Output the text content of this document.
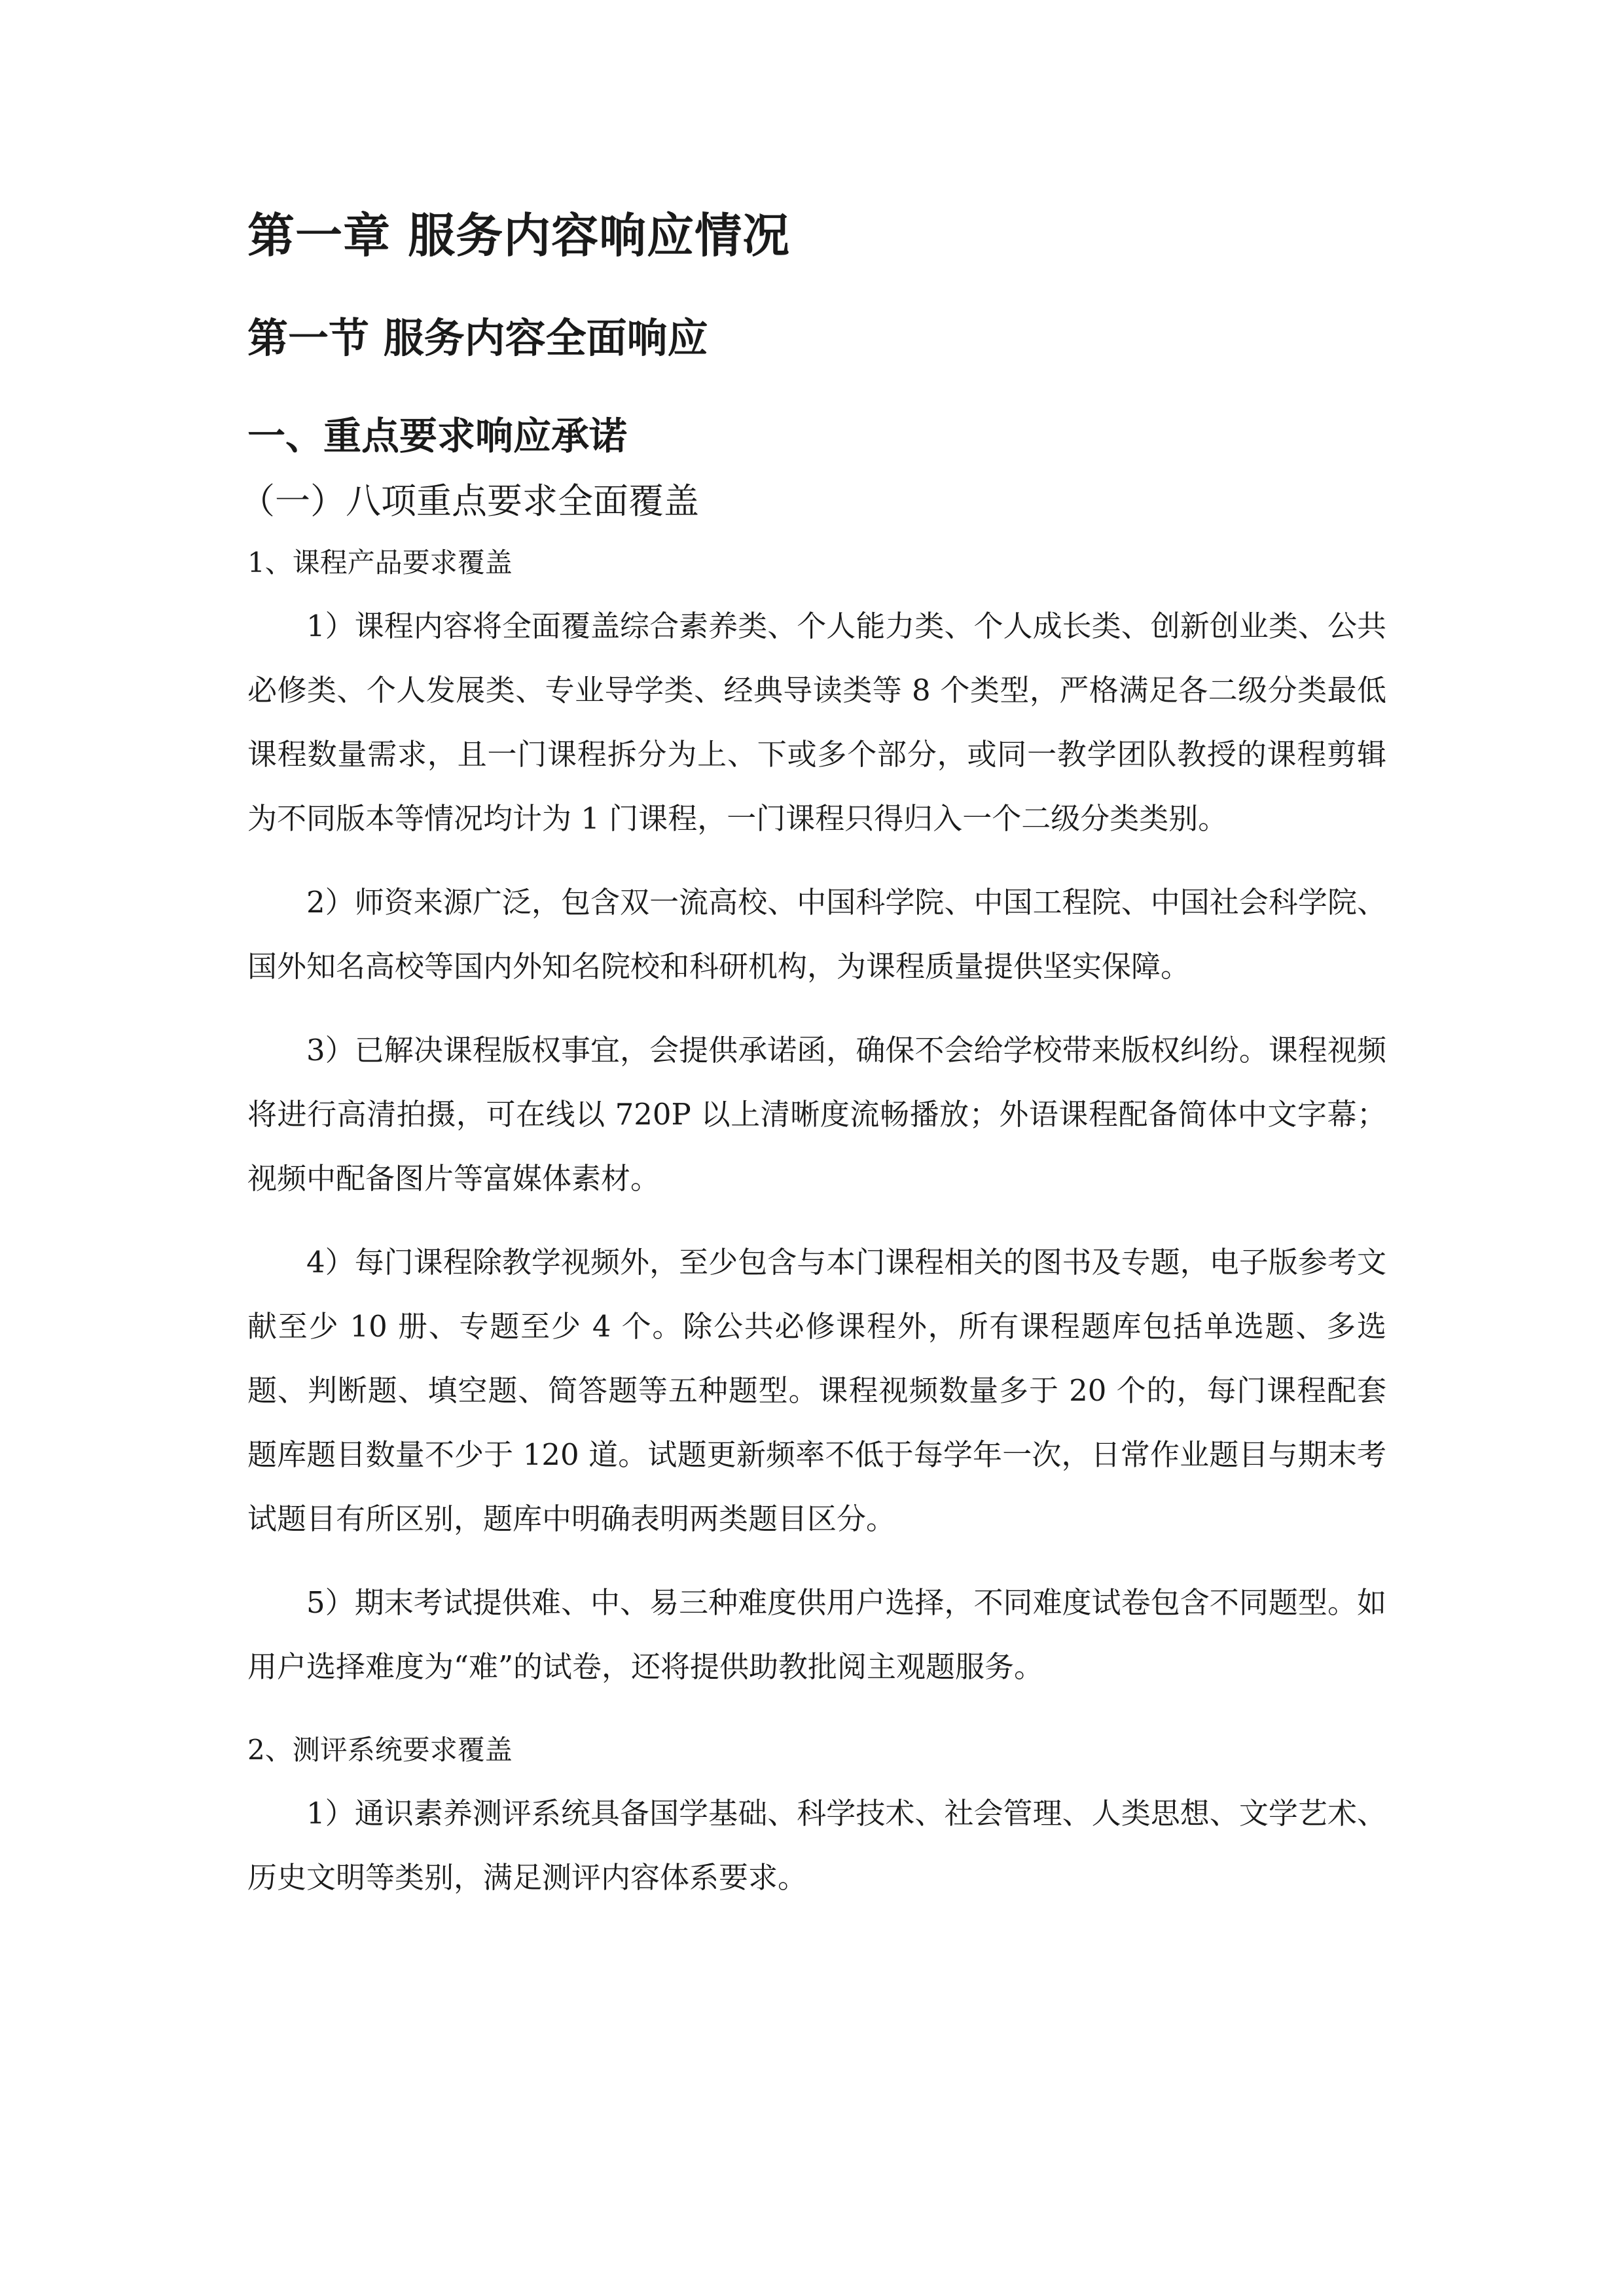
第一章 服务内容响应情况
第一节 服务内容全面响应
一、重点要求响应承诺
（一）八项重点要求全面覆盖
1、课程产品要求覆盖

1）课程内容将全面覆盖综合素养类、个人能力类、个人成长类、创新创业类、公共必修类、个人发展类、专业导学类、经典导读类等 8 个类型，严格满足各二级分类最低课程数量需求，且一门课程拆分为上、下或多个部分，或同一教学团队教授的课程剪辑为不同版本等情况均计为 1 门课程，一门课程只得归入一个二级分类类别。

2）师资来源广泛，包含双一流高校、中国科学院、中国工程院、中国社会科学院、国外知名高校等国内外知名院校和科研机构，为课程质量提供坚实保障。

3）已解决课程版权事宜，会提供承诺函，确保不会给学校带来版权纠纷。课程视频将进行高清拍摄，可在线以 720P 以上清晰度流畅播放；外语课程配备简体中文字幕；视频中配备图片等富媒体素材。

4）每门课程除教学视频外，至少包含与本门课程相关的图书及专题，电子版参考文献至少 10 册、专题至少 4 个。除公共必修课程外，所有课程题库包括单选题、多选题、判断题、填空题、简答题等五种题型。课程视频数量多于 20 个的，每门课程配套题库题目数量不少于 120 道。试题更新频率不低于每学年一次，日常作业题目与期末考试题目有所区别，题库中明确表明两类题目区分。

5）期末考试提供难、中、易三种难度供用户选择，不同难度试卷包含不同题型。如用户选择难度为“难”的试卷，还将提供助教批阅主观题服务。

2、测评系统要求覆盖

1）通识素养测评系统具备国学基础、科学技术、社会管理、人类思想、文学艺术、历史文明等类别，满足测评内容体系要求。
